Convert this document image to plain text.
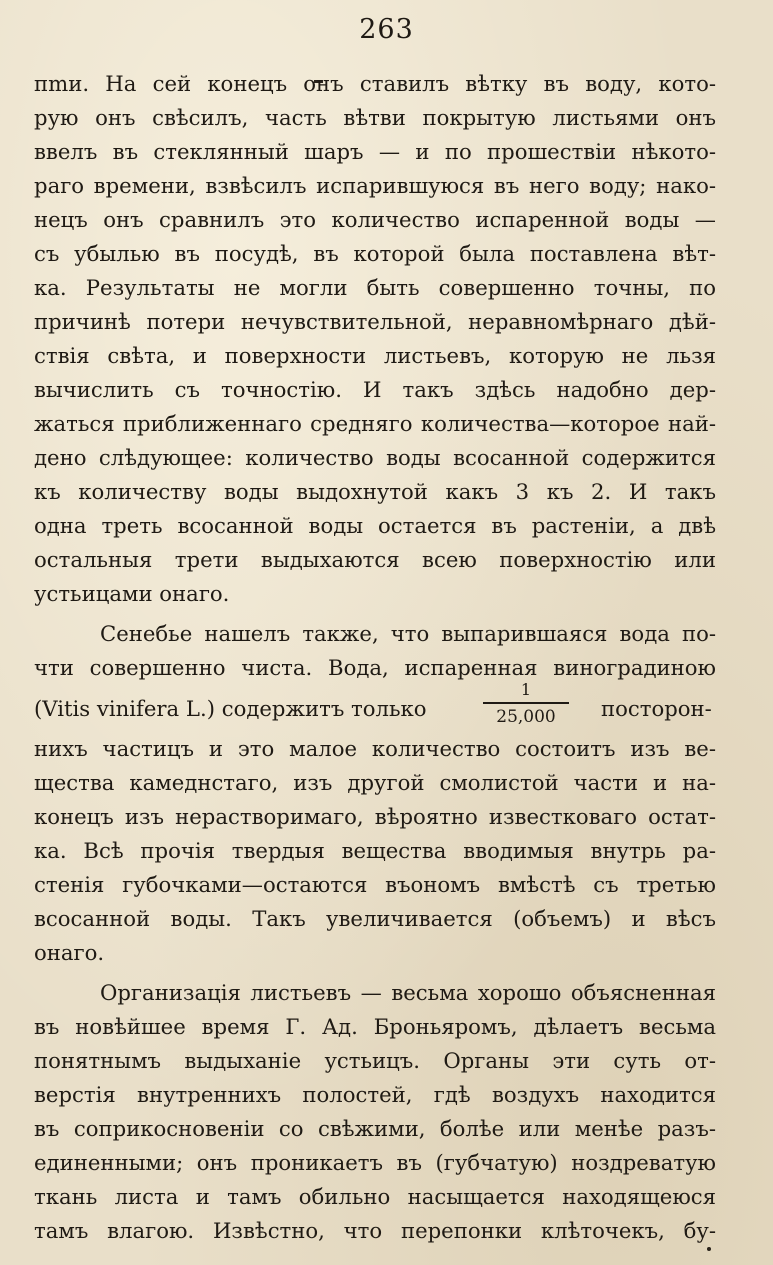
263
пmи. На сей конецъ онъ ставилъ вѣтку въ воду, кото-
рую онъ свѣсилъ, часть вѣтви покрытую листьями онъ
ввелъ въ стеклянный шаръ — и по прошествіи нѣкото-
раго времени, взвѣсилъ испарившуюся въ него воду; нако-
нецъ онъ сравнилъ это количество испаренной воды —
съ убылью въ посудѣ, въ которой была поставлена вѣт-
ка. Результаты не могли быть совершенно точны, по
причинѣ потери нечувствительной, неравномѣрнаго дѣй-
ствія свѣта, и поверхности листьевъ, которую не льзя
вычислить съ точностію. И такъ здѣсь надобно дер-
жаться приближеннаго средняго количества—которое най-
дено слѣдующее: количество воды всосанной содержится
къ количеству воды выдохнутой какъ 3 къ 2. И такъ
одна треть всосанной воды остается въ растеніи, а двѣ
остальныя трети выдыхаются всею поверхностію или
устьицами онаго.
Сенебье нашелъ также, что выпарившаяся вода по-
чти совершенно чиста. Вода, испаренная виноградиною
(Vitis vinifera L.) содержитъ только
1
25,000	посторон-
нихъ частицъ и это малое количество состоитъ изъ ве-
щества камеднстаго, изъ другой смолистой части и на-
конецъ изъ нерастворимаго, вѣроятно известковаго остат-
ка. Всѣ прочія твердыя вещества вводимыя внутрь ра-
стенія губочками—остаются въономъ вмѣстѣ съ третью
всосанной воды. Такъ увеличивается (объемъ) и вѣсъ
онаго.
Организація листьевъ — весьма хорошо объясненная
въ новѣйшее время Г. Ад. Броньяромъ, дѣлаетъ весьма
понятнымъ выдыханіе устьицъ. Органы эти суть от-
верстія внутреннихъ полостей, гдѣ воздухъ находится
въ соприкосновеніи со свѣжими, болѣе или менѣе разъ-
единенными; онъ проникаетъ въ (губчатую) ноздреватую
ткань листа и тамъ обильно насыщается находящеюся
тамъ влагою. Извѣстно, что перепонки клѣточекъ, бу-
